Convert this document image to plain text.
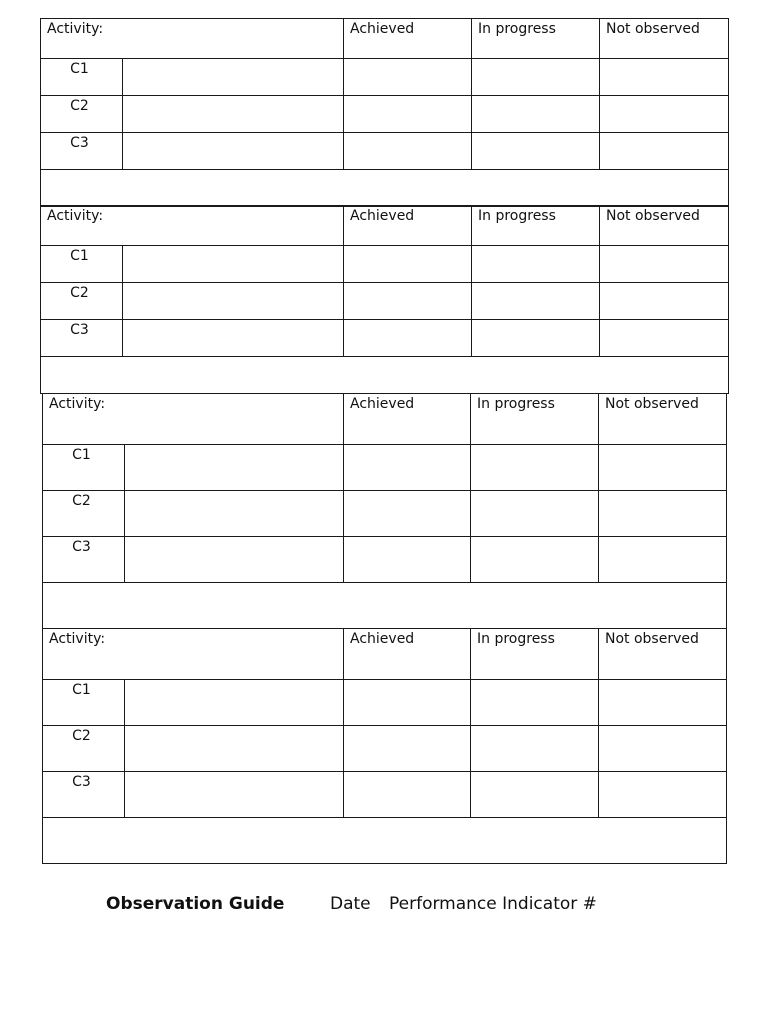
Activity:		Achieved	In progress	Not observed

C1				

C2				

C3				

Activity:		Achieved	In progress	Not observed

C1				

C2				

C3				

Activity:		Achieved	In progress	Not observed

C1				

C2				

C3				

Activity:		Achieved	In progress	Not observed

C1				

C2				

C3				

Observation Guide	Date Performance Indicator #
